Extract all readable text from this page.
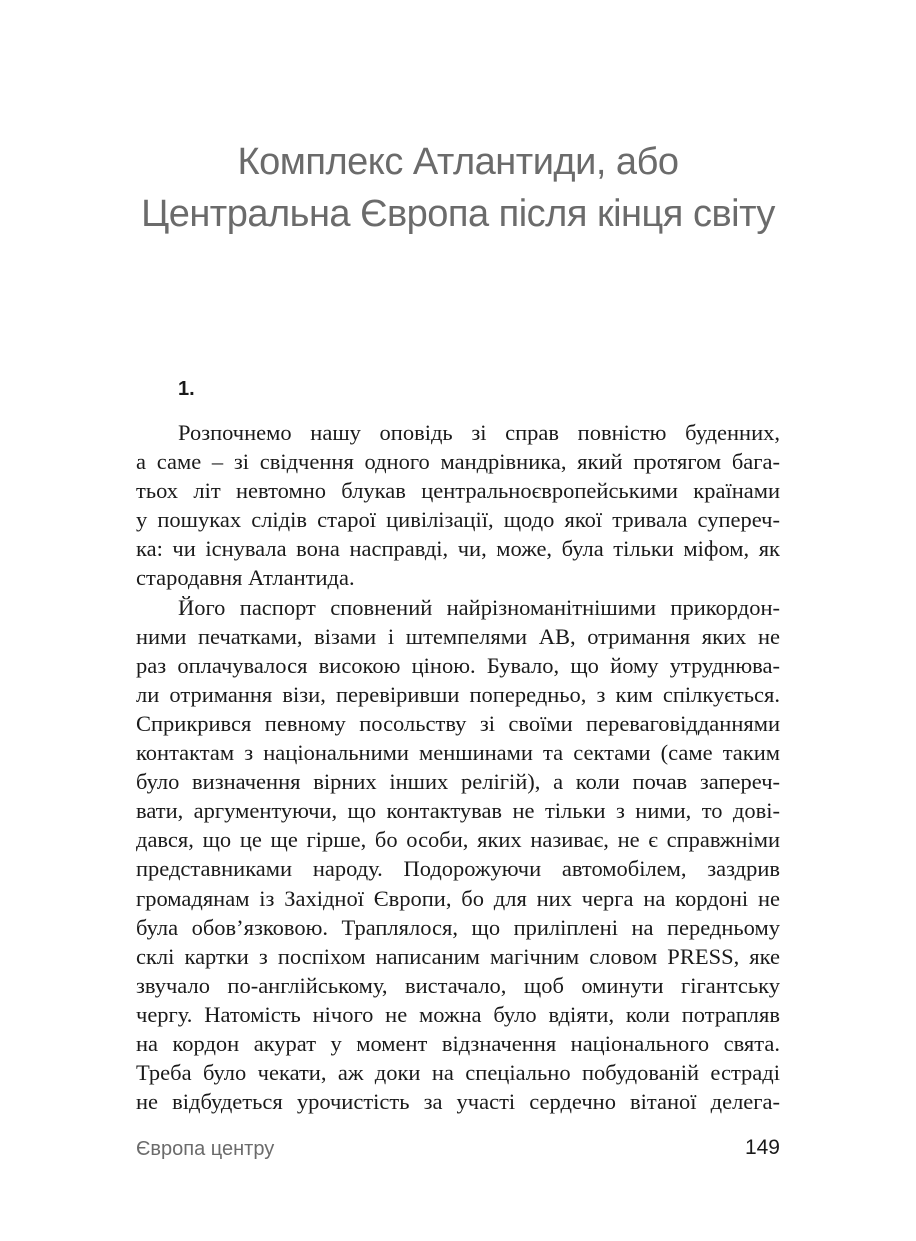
Комплекс Атлантиди, або
Центральна Європа після кінця світу
1.
Розпочнемо нашу оповідь зі справ повністю буденних,
а саме – зі свідчення одного мандрівника, який протягом бага-
тьох літ невтомно блукав центральноєвропейськими країнами
у пошуках слідів старої цивілізації, щодо якої тривала супереч-
ка: чи існувала вона насправді, чи, може, була тільки міфом, як
стародавня Атлантида.
Його паспорт сповнений найрізноманітнішими прикордон-
ними печатками, візами і штемпелями АВ, отримання яких не
раз оплачувалося високою ціною. Бувало, що йому утруднюва-
ли отримання візи, перевіривши попередньо, з ким спілкується.
Сприкрився певному посольству зі своїми переваговідданнями
контактам з національними меншинами та сектами (саме таким
було визначення вірних інших релігій), а коли почав запереч-
вати, аргументуючи, що контактував не тільки з ними, то дові-
дався, що це ще гірше, бо особи, яких називає, не є справжніми
представниками народу. Подорожуючи автомобілем, заздрив
громадянам із Західної Європи, бо для них черга на кордоні не
була обов’язковою. Траплялося, що приліплені на передньому
склі картки з поспіхом написаним магічним словом PRESS, яке
звучало по-англійському, вистачало, щоб оминути гігантську
чергу. Натомість нічого не можна було вдіяти, коли потрапляв
на кордон акурат у момент відзначення національного свята.
Треба було чекати, аж доки на спеціально побудованій естраді
не відбудеться урочистість за участі сердечно вітаної делега-
Європа центру	149
